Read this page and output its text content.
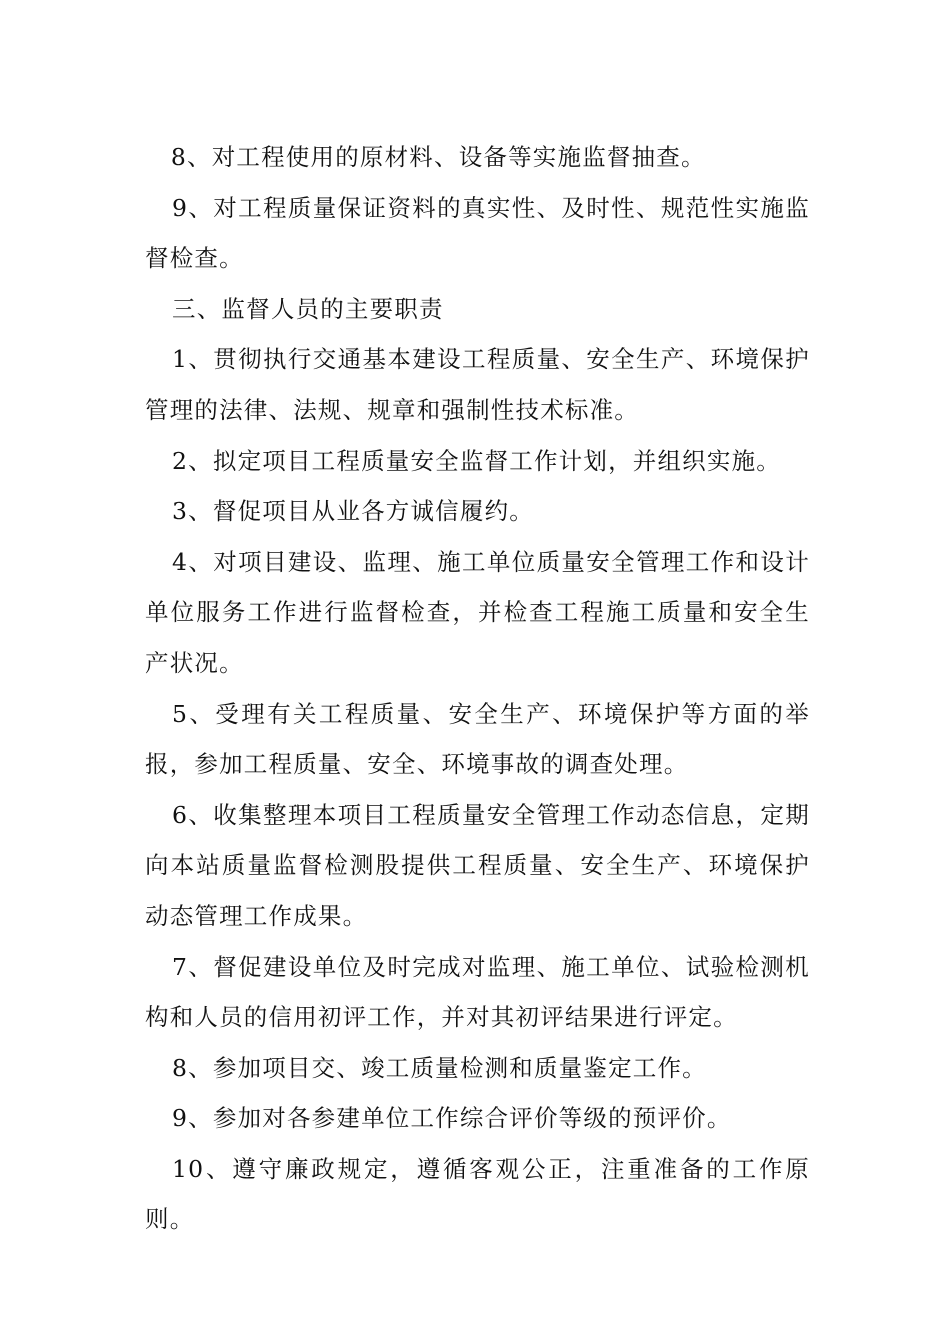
8、对工程使用的原材料、设备等实施监督抽查。

9、对工程质量保证资料的真实性、及时性、规范性实施监督检查。

三、监督人员的主要职责

1、贯彻执行交通基本建设工程质量、安全生产、环境保护管理的法律、法规、规章和强制性技术标准。

2、拟定项目工程质量安全监督工作计划，并组织实施。

3、督促项目从业各方诚信履约。

4、对项目建设、监理、施工单位质量安全管理工作和设计单位服务工作进行监督检查，并检查工程施工质量和安全生产状况。

5、受理有关工程质量、安全生产、环境保护等方面的举报，参加工程质量、安全、环境事故的调查处理。

6、收集整理本项目工程质量安全管理工作动态信息，定期向本站质量监督检测股提供工程质量、安全生产、环境保护动态管理工作成果。

7、督促建设单位及时完成对监理、施工单位、试验检测机构和人员的信用初评工作，并对其初评结果进行评定。

8、参加项目交、竣工质量检测和质量鉴定工作。

9、参加对各参建单位工作综合评价等级的预评价。

10、遵守廉政规定，遵循客观公正，注重准备的工作原则。
